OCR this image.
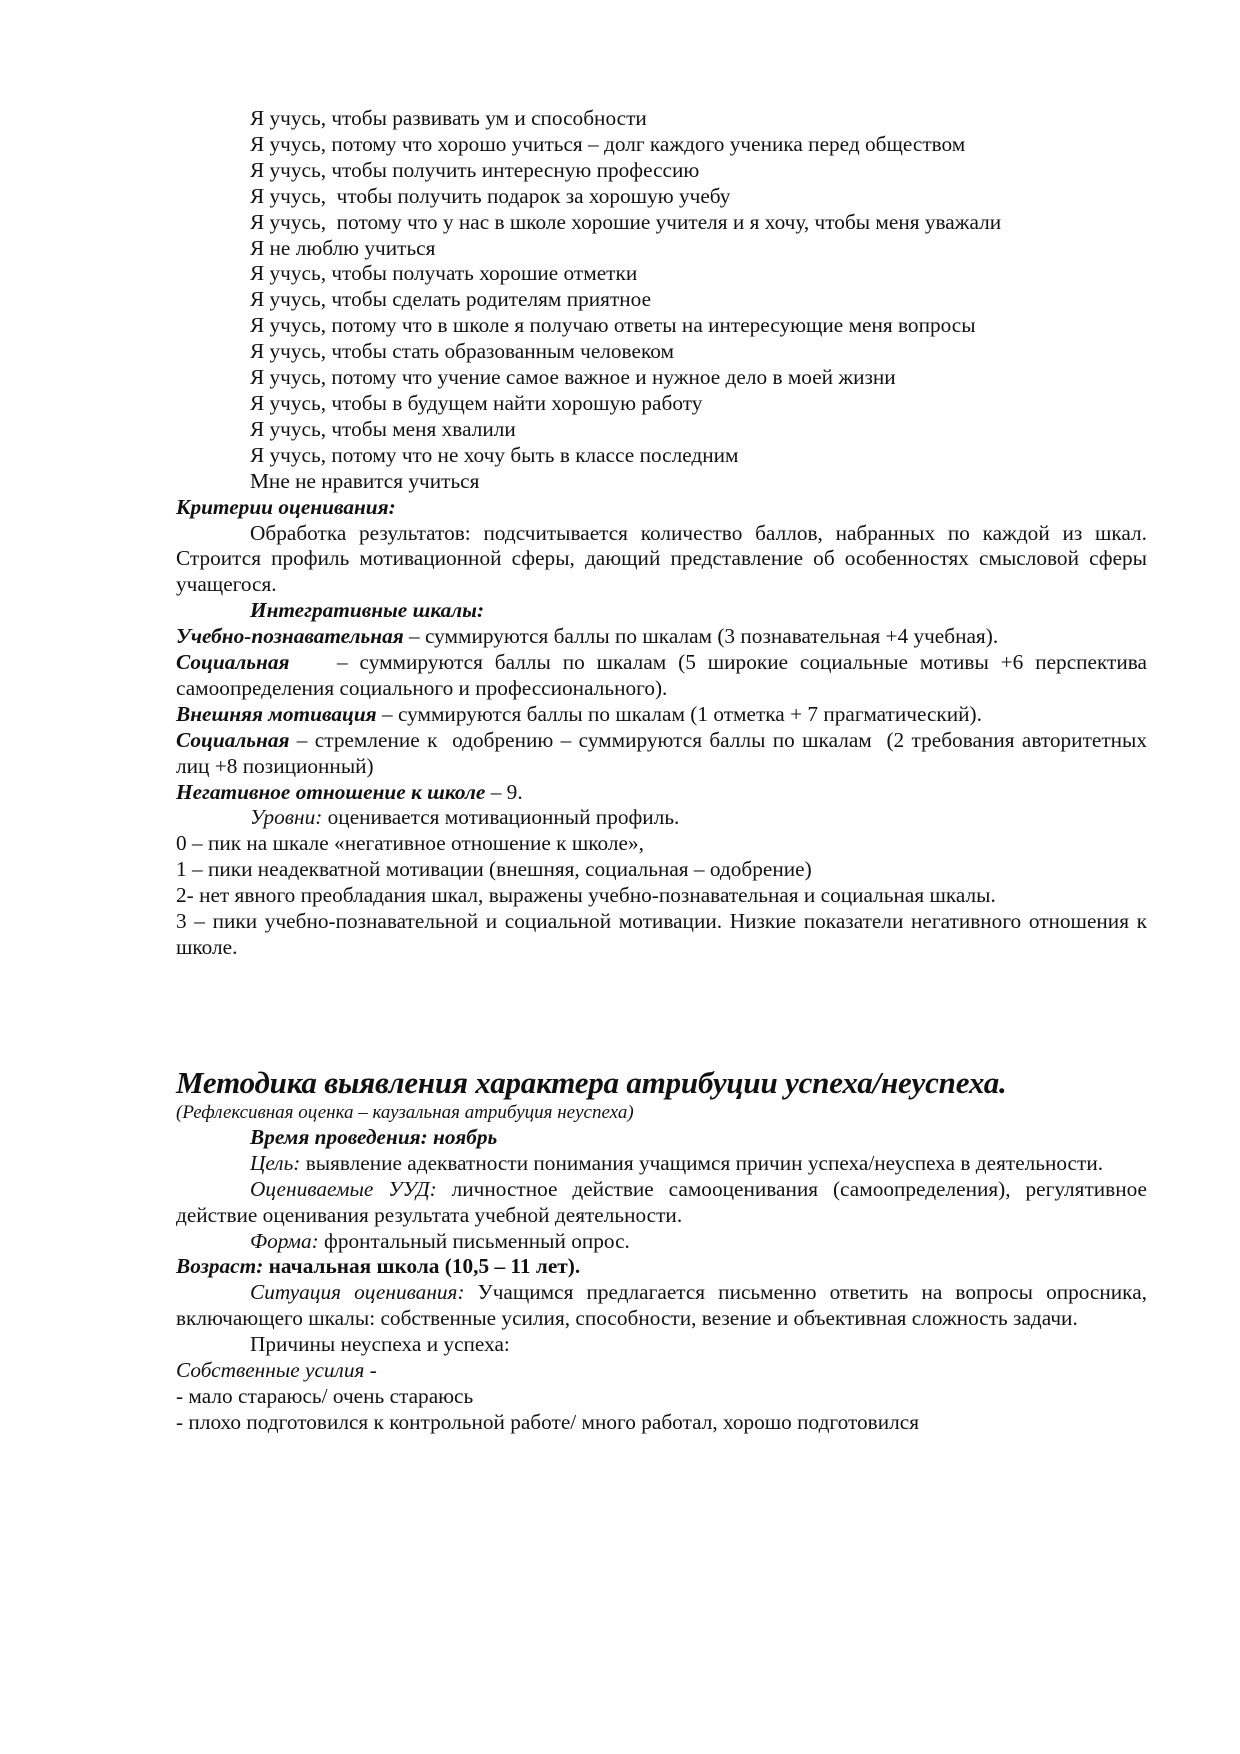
Я учусь, чтобы развивать ум и способности

Я учусь, потому что хорошо учиться – долг каждого ученика перед обществом

Я учусь, чтобы получить интересную профессию

Я учусь,  чтобы получить подарок за хорошую учебу

Я учусь,  потому что у нас в школе хорошие учителя и я хочу, чтобы меня уважали

Я не люблю учиться

Я учусь, чтобы получать хорошие отметки

Я учусь, чтобы сделать родителям приятное

Я учусь, потому что в школе я получаю ответы на интересующие меня вопросы

Я учусь, чтобы стать образованным человеком

Я учусь, потому что учение самое важное и нужное дело в моей жизни

Я учусь, чтобы в будущем найти хорошую работу

Я учусь, чтобы меня хвалили

Я учусь, потому что не хочу быть в классе последним

Мне не нравится учиться

Критерии оценивания:

Обработка результатов: подсчитывается количество баллов, набранных по каждой из шкал. Строится профиль мотивационной сферы, дающий представление об особенностях смысловой сферы учащегося.

Интегративные шкалы:

Учебно-познавательная – суммируются баллы по шкалам (3 познавательная +4 учебная).

Социальная    – суммируются баллы по шкалам (5 широкие социальные мотивы +6 перспектива самоопределения социального и профессионального).

Внешняя мотивация – суммируются баллы по шкалам (1 отметка + 7 прагматический).

Социальная – стремление к  одобрению – суммируются баллы по шкалам  (2 требования авторитетных лиц +8 позиционный)

Негативное отношение к школе – 9.

Уровни: оценивается мотивационный профиль.

0 – пик на шкале «негативное отношение к школе»,

1 – пики неадекватной мотивации (внешняя, социальная – одобрение)

2- нет явного преобладания шкал, выражены учебно-познавательная и социальная шкалы.

3 – пики учебно-познавательной и социальной мотивации. Низкие показатели негативного отношения к школе.

Методика выявления характера атрибуции успеха/неуспеха.

(Рефлексивная оценка – каузальная атрибуция неуспеха)

Время проведения: ноябрь

Цель: выявление адекватности понимания учащимся причин успеха/неуспеха в деятельности.

Оцениваемые УУД: личностное действие самооценивания (самоопределения), регулятивное действие оценивания результата учебной деятельности.

Форма: фронтальный письменный опрос.

Возраст: начальная школа (10,5 – 11 лет).

Ситуация оценивания: Учащимся предлагается письменно ответить на вопросы опросника, включающего шкалы: собственные усилия, способности, везение и объективная сложность задачи.

Причины неуспеха и успеха:

Собственные усилия -

- мало стараюсь/ очень стараюсь

- плохо подготовился к контрольной работе/ много работал, хорошо подготовился
